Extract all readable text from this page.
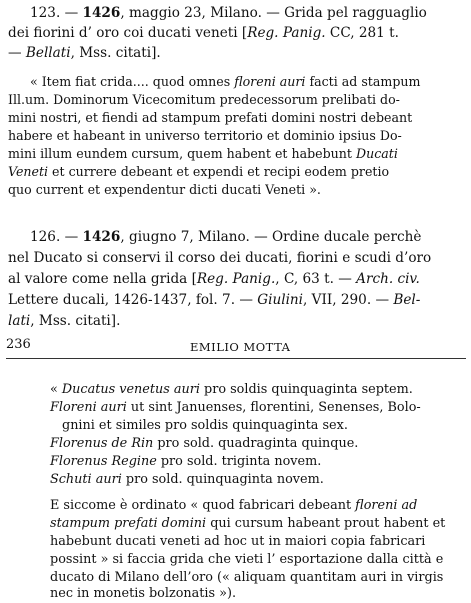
123. — 1426, maggio 23, Milano. — Grida pel ragguaglio
dei fiorini d’ oro coi ducati veneti [Reg. Panig. CC, 281 t.
— Bellati, Mss. citati].
« Item fiat crida.... quod omnes floreni auri facti ad stampum
Ill.um. Dominorum Vicecomitum predecessorum prelibati do-
mini nostri, et fiendi ad stampum prefati domini nostri debeant
habere et habeant in universo territorio et dominio ipsius Do-
mini illum eundem cursum, quem habent et habebunt Ducati
Veneti et currere debeant et expendi et recipi eodem pretio
quo current et expendentur dicti ducati Veneti ».
126. — 1426, giugno 7, Milano. — Ordine ducale perchè
nel Ducato si conservi il corso dei ducati, fiorini e scudi d’oro
al valore come nella grida [Reg. Panig., C, 63 t. — Arch. civ.
Lettere ducali, 1426-1437, fol. 7. — Giulini, VII, 290. — Bel-
lati, Mss. citati].
236	EMILIO MOTTA
« Ducatus venetus auri pro soldis quinquaginta septem.
Floreni auri ut sint Januenses, florentini, Senenses, Bolo-
gnini et similes pro soldis quinquaginta sex.
Florenus de Rin pro sold. quadraginta quinque.
Florenus Regine pro sold. triginta novem.
Schuti auri pro sold. quinquaginta novem.
E siccome è ordinato « quod fabricari debeant floreni ad
stampum prefati domini qui cursum habeant prout habent et
habebunt ducati veneti ad hoc ut in maiori copia fabricari
possint » si faccia grida che vieti l’ esportazione dalla città e
ducato di Milano dell’oro (« aliquam quantitam auri in virgis
nec in monetis bolzonatis »).
